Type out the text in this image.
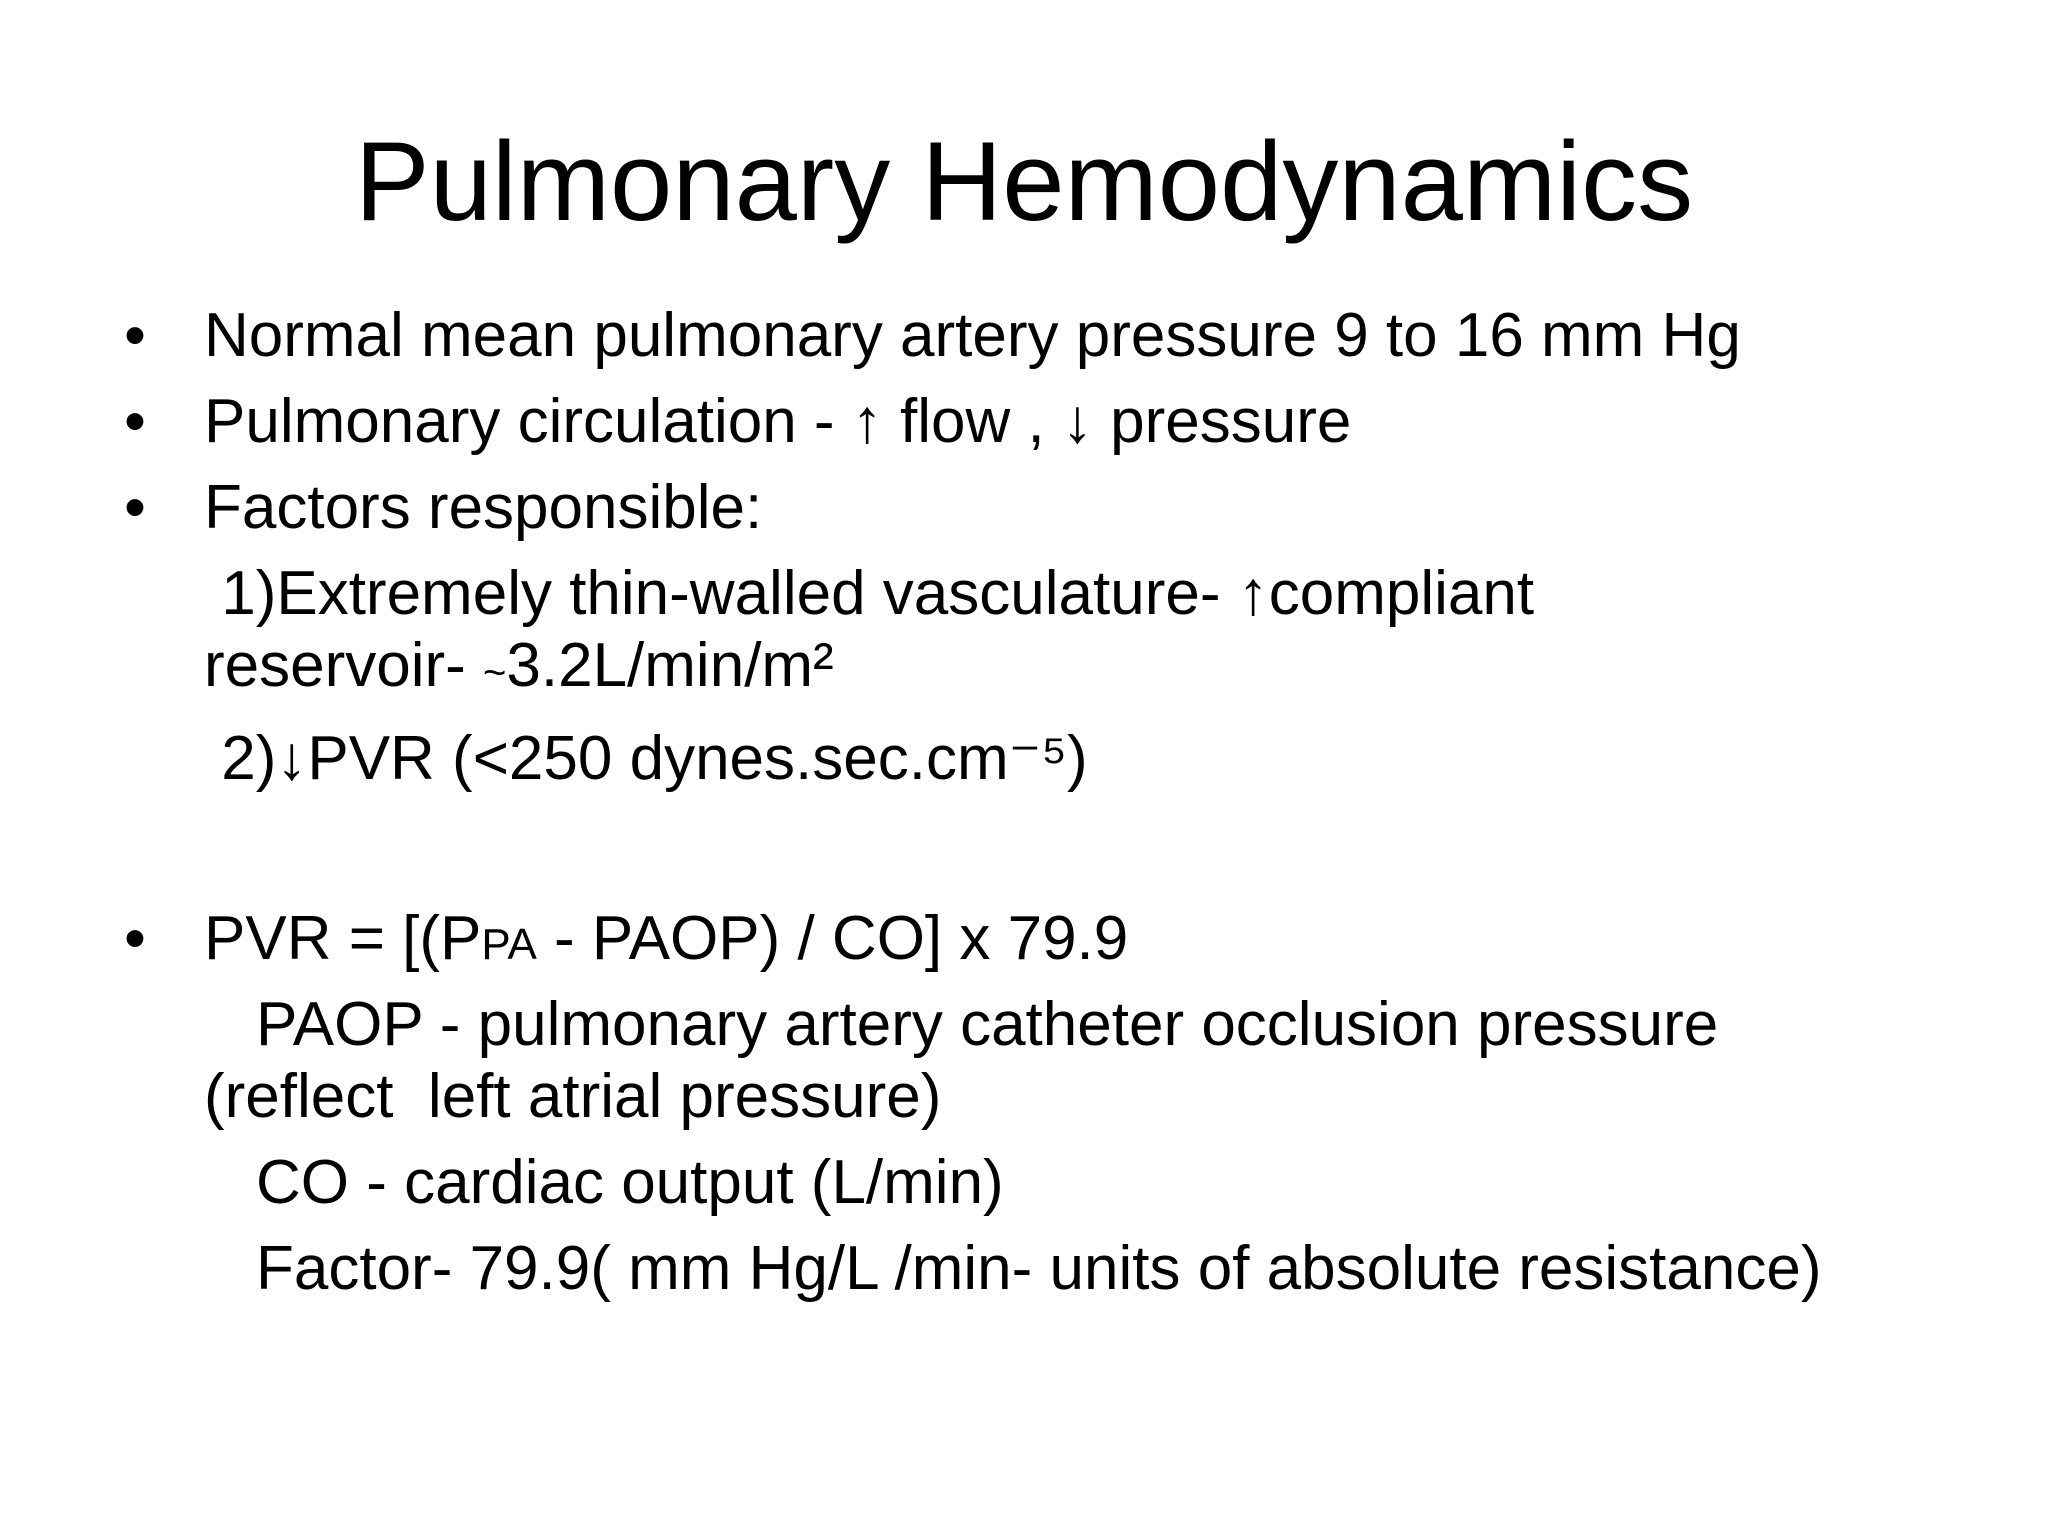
Pulmonary Hemodynamics
• Normal mean pulmonary artery pressure 9 to 16 mm Hg
• Pulmonary circulation - ↑ flow , ↓ pressure
• Factors responsible:
1)Extremely thin-walled vasculature- ↑compliant
reservoir- ~3.2L/min/m²
2)↓PVR (<250 dynes.sec.cm⁻⁵)
• PVR = [(PPA - PAOP) / CO] x 79.9
PAOP - pulmonary artery catheter occlusion pressure
(reflect  left atrial pressure)
CO - cardiac output (L/min)
Factor- 79.9( mm Hg/L /min- units of absolute resistance)
